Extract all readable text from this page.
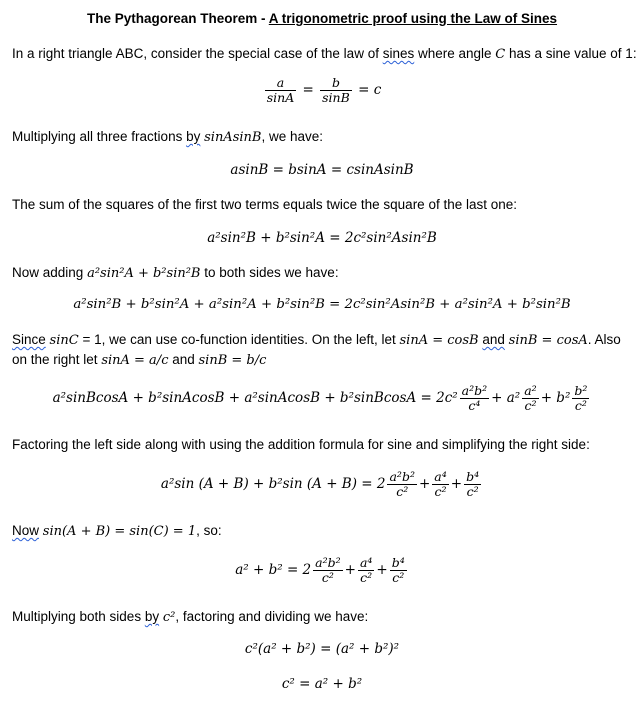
The Pythagorean Theorem - A trigonometric proof using the Law of Sines
In a right triangle ABC, consider the special case of the law of sines where angle C has a sine value of 1:
$\frac{a}{\sin A} = \frac{b}{\sin B} = c$
Multiplying all three fractions by sinAsinB, we have:
asinB = bsinA = csinAsinB
The sum of the squares of the first two terms equals twice the square of the last one:
a²sin²B + b²sin²A = 2c²sin²Asin²B
Now adding a²sin²A + b²sin²B to both sides we have:
a²sin²B + b²sin²A + a²sin²A + b²sin²B = 2c²sin²Asin²B + a²sin²A + b²sin²B
Since sinC = 1, we can use co-function identities. On the left, let sinA = cosB and sinB = cosA. Also
on the right let sinA = a/c and sinB = b/c
a²sinBcosA + b²sinAcosB + a²sinAcosB + b²sinBcosA = $2c^2 \frac{\text{a²b²}}{\text{c⁴}} + a^2 \frac{\text{a²}}{\text{c²}} + b^2 \frac{\text{b²}}{\text{c²}}$
Factoring the left side along with using the addition formula for sine and simplifying the right side:
a²sin (A + B) + b²sin $(A + B) = 2 \frac{\text{a²b²}}{\text{c²}} + \frac{\text{a⁴}}{\text{c²}} + \frac{\text{b⁴}}{\text{c²}}$
Now sin(A + B) = sin(C) = 1, so:
$a^2 + b^2 = 2 \frac{\text{a²b²}}{\text{c²}} + \frac{\text{a⁴}}{\text{c²}} + \frac{\text{b⁴}}{\text{c²}}$
Multiplying both sides by c², factoring and dividing we have:
c²(a² + b²) = (a² + b²)²
c² = a² + b²
